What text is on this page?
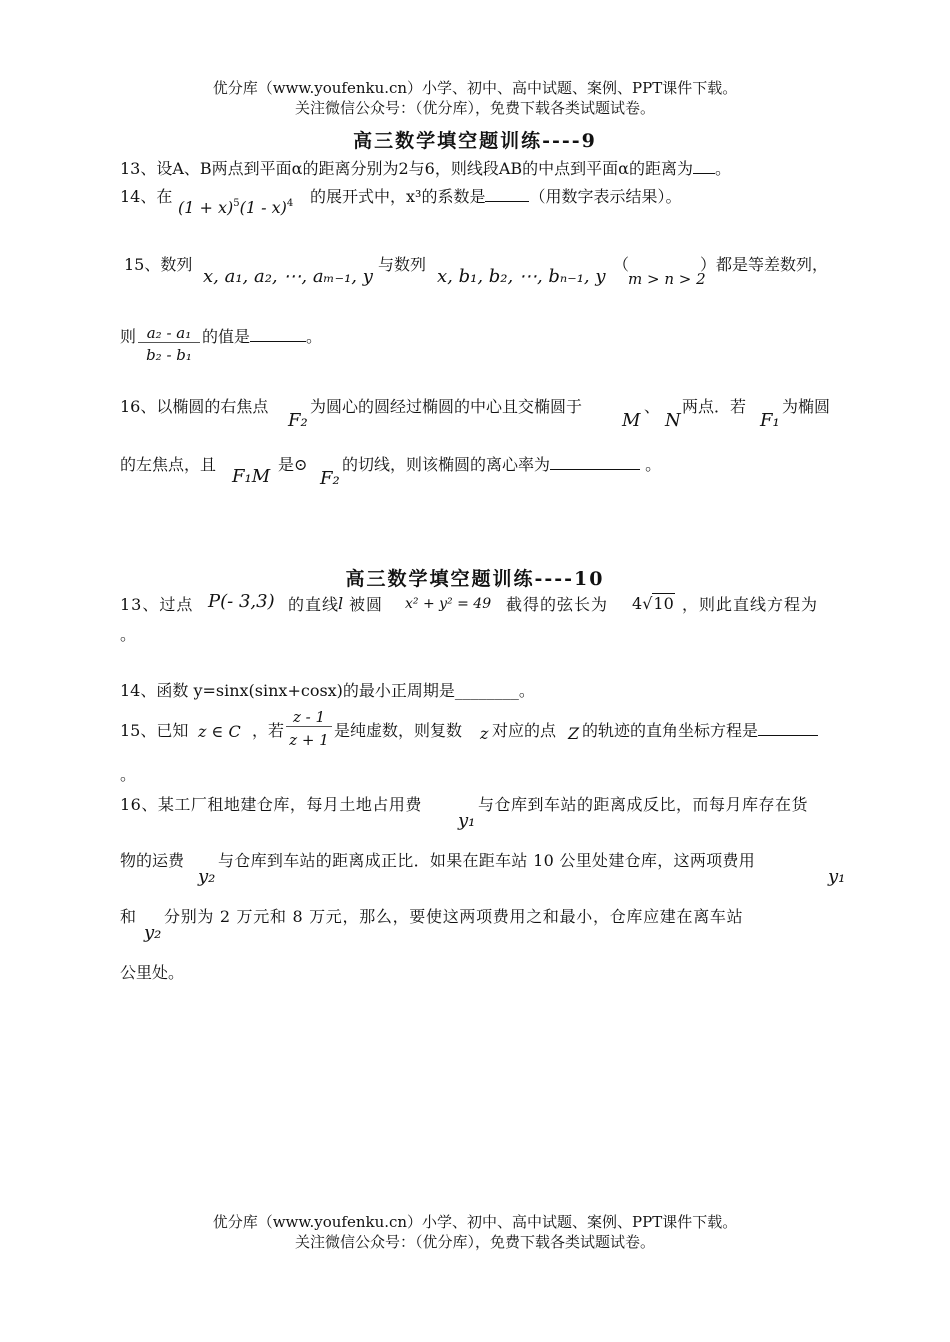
优分库（www.youfenku.cn）小学、初中、高中试题、案例、PPT课件下载。
关注微信公众号：（优分库），免费下载各类试题试卷。
高三数学填空题训练----9
13、设A、B两点到平面α的距离分别为2与6，则线段AB的中点到平面α的距离为 。
14、在
$(1 + x)^5(1 - x)^4$ 的展开式中，x³的系数是	（用数字表示结果）。
15、数列
x, a₁, a₂, ⋯, aₘ₋₁, y
与数列
x, b₁, b₂, ⋯, bₙ₋₁, y
（
m > n > 2
）都是等差数列，
则 $\frac{\text{a₂ - a₁}}{\text{b₂ - b₁}}$ 的值是	。
16、以椭圆的右焦点
F₂
为圆心的圆经过椭圆的中心且交椭圆于
M
、
N
两点．若
F₁
为椭圆
的左焦点，且
F₁M
是⊙
F₂
的切线，则该椭圆的离心率为	。
高三数学填空题训练----10
13、过点 P(- 3,3) 的直线
l 被圆 x² + y² = 49 截得的弦长为 4√10 ，则此直线方程为
。
14、函数 y=sinx(sinx+cosx)的最小正周期是________。
15、已知 z ∈ C ，若 $\frac{z - 1}{z + 1}$ 是纯虚数，则复数 z 对应的点 Z 的轨迹的直角坐标方程是
。
16、某工厂租地建仓库，每月土地占用费
y₁
与仓库到车站的距离成反比，而每月库存在货
物的运费
y₂
与仓库到车站的距离成正比．如果在距车站 10 公里处建仓库，这两项费用
y₁
和
y₂
分别为 2 万元和 8 万元，那么，要使这两项费用之和最小，仓库应建在离车站
公里处。
优分库（www.youfenku.cn）小学、初中、高中试题、案例、PPT课件下载。
关注微信公众号：（优分库），免费下载各类试题试卷。
